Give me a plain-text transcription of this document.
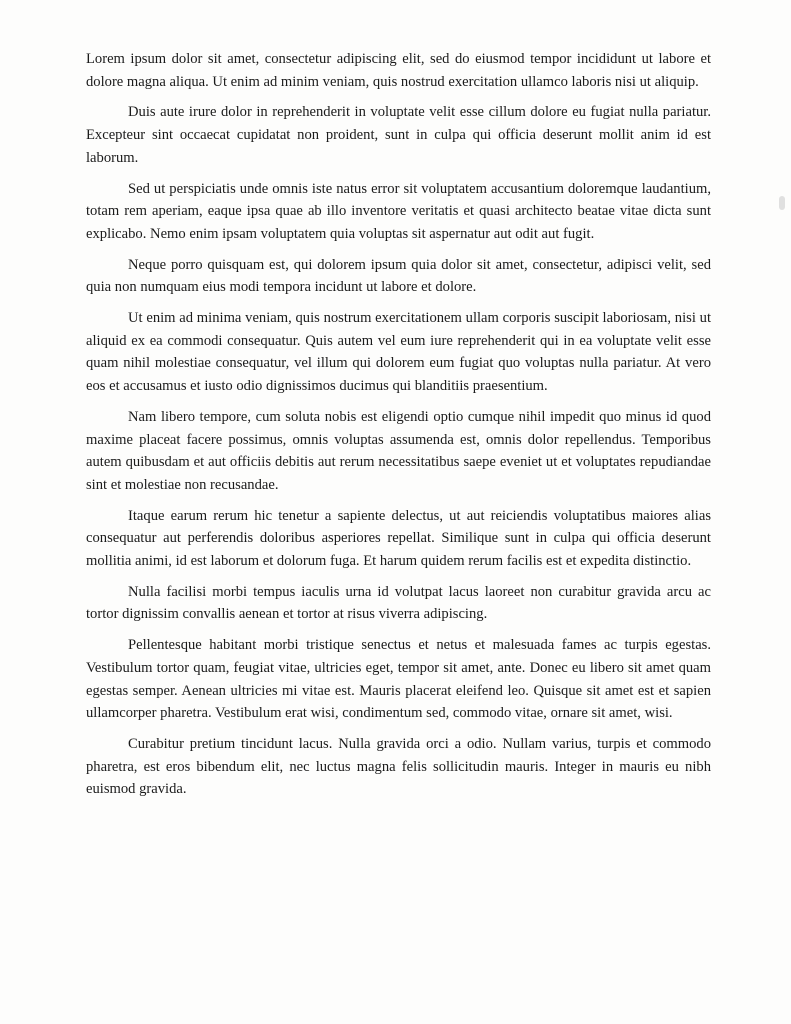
Lorem ipsum dolor sit amet, consectetur adipiscing elit, sed do eiusmod tempor incididunt ut labore et dolore magna aliqua. Ut enim ad minim veniam, quis nostrud exercitation ullamco laboris nisi ut aliquip.

Duis aute irure dolor in reprehenderit in voluptate velit esse cillum dolore eu fugiat nulla pariatur. Excepteur sint occaecat cupidatat non proident, sunt in culpa qui officia deserunt mollit anim id est laborum.

Sed ut perspiciatis unde omnis iste natus error sit voluptatem accusantium doloremque laudantium, totam rem aperiam, eaque ipsa quae ab illo inventore veritatis et quasi architecto beatae vitae dicta sunt explicabo. Nemo enim ipsam voluptatem quia voluptas sit aspernatur aut odit aut fugit.

Neque porro quisquam est, qui dolorem ipsum quia dolor sit amet, consectetur, adipisci velit, sed quia non numquam eius modi tempora incidunt ut labore et dolore.

Ut enim ad minima veniam, quis nostrum exercitationem ullam corporis suscipit laboriosam, nisi ut aliquid ex ea commodi consequatur. Quis autem vel eum iure reprehenderit qui in ea voluptate velit esse quam nihil molestiae consequatur, vel illum qui dolorem eum fugiat quo voluptas nulla pariatur. At vero eos et accusamus et iusto odio dignissimos ducimus qui blanditiis praesentium.

Nam libero tempore, cum soluta nobis est eligendi optio cumque nihil impedit quo minus id quod maxime placeat facere possimus, omnis voluptas assumenda est, omnis dolor repellendus. Temporibus autem quibusdam et aut officiis debitis aut rerum necessitatibus saepe eveniet ut et voluptates repudiandae sint et molestiae non recusandae.

Itaque earum rerum hic tenetur a sapiente delectus, ut aut reiciendis voluptatibus maiores alias consequatur aut perferendis doloribus asperiores repellat. Similique sunt in culpa qui officia deserunt mollitia animi, id est laborum et dolorum fuga. Et harum quidem rerum facilis est et expedita distinctio.

Nulla facilisi morbi tempus iaculis urna id volutpat lacus laoreet non curabitur gravida arcu ac tortor dignissim convallis aenean et tortor at risus viverra adipiscing.

Pellentesque habitant morbi tristique senectus et netus et malesuada fames ac turpis egestas. Vestibulum tortor quam, feugiat vitae, ultricies eget, tempor sit amet, ante. Donec eu libero sit amet quam egestas semper. Aenean ultricies mi vitae est. Mauris placerat eleifend leo. Quisque sit amet est et sapien ullamcorper pharetra. Vestibulum erat wisi, condimentum sed, commodo vitae, ornare sit amet, wisi.

Curabitur pretium tincidunt lacus. Nulla gravida orci a odio. Nullam varius, turpis et commodo pharetra, est eros bibendum elit, nec luctus magna felis sollicitudin mauris. Integer in mauris eu nibh euismod gravida.
